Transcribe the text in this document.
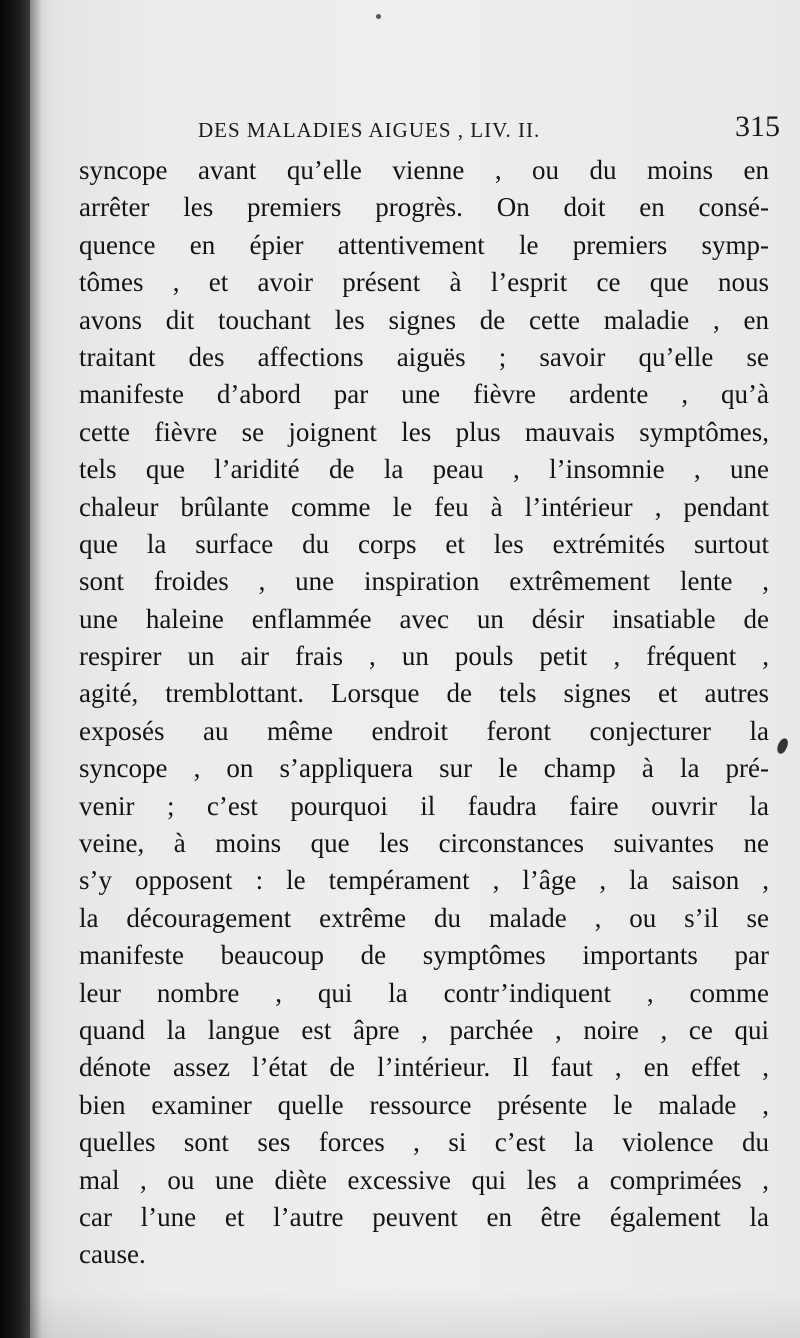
DES MALADIES AIGUES , LIV. II.	315
syncope avant qu’elle vienne , ou du moins en
arrêter les premiers progrès. On doit en consé-
quence en épier attentivement le premiers symp-
tômes , et avoir présent à l’esprit ce que nous
avons dit touchant les signes de cette maladie , en
traitant des affections aiguës ; savoir qu’elle se
manifeste d’abord par une fièvre ardente , qu’à
cette fièvre se joignent les plus mauvais symptômes,
tels que l’aridité de la peau , l’insomnie , une
chaleur brûlante comme le feu à l’intérieur , pendant
que la surface du corps et les extrémités surtout
sont froides , une inspiration extrêmement lente ,
une haleine enflammée avec un désir insatiable de
respirer un air frais , un pouls petit , fréquent ,
agité, tremblottant. Lorsque de tels signes et autres
exposés au même endroit feront conjecturer la
syncope , on s’appliquera sur le champ à la pré-
venir ; c’est pourquoi il faudra faire ouvrir la
veine, à moins que les circonstances suivantes ne
s’y opposent : le tempérament , l’âge , la saison ,
la découragement extrême du malade , ou s’il se
manifeste beaucoup de symptômes importants par
leur nombre , qui la contr’indiquent , comme
quand la langue est âpre , parchée , noire , ce qui
dénote assez l’état de l’intérieur. Il faut , en effet ,
bien examiner quelle ressource présente le malade ,
quelles sont ses forces , si c’est la violence du
mal , ou une diète excessive qui les a comprimées ,
car l’une et l’autre peuvent en être également la
cause.
